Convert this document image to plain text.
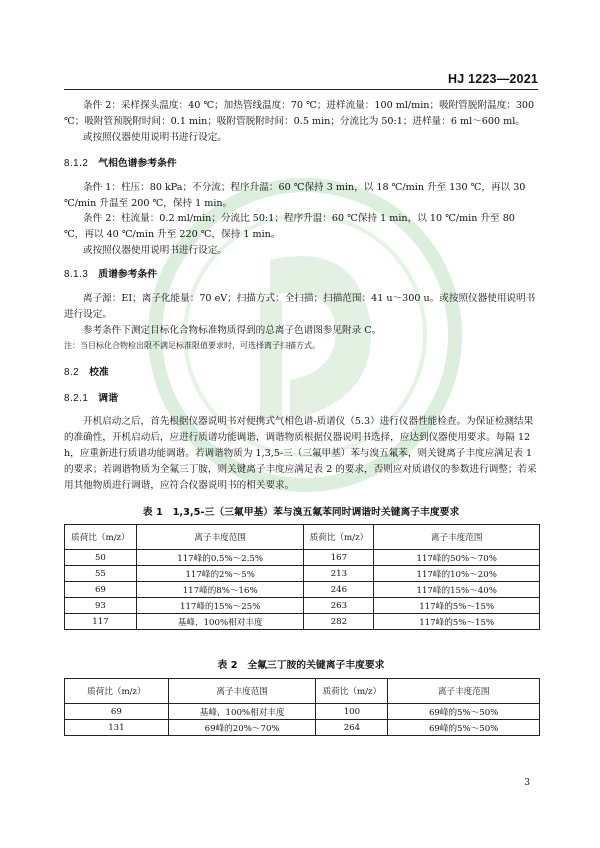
HJ 1223—2021
条件 2：采样探头温度：40 ℃；加热管线温度：70 ℃；进样流量：100 ml/min；吸附管脱附温度：300 ℃；吸附管预脱附时间：0.1 min；吸附管脱附时间：0.5 min；分流比为 50:1；进样量：6 ml～600 ml。
或按照仪器使用说明书进行设定。
8.1.2 气相色谱参考条件
条件 1：柱压：80 kPa；不分流；程序升温：60 ℃保持 3 min，以 18 ℃/min 升至 130 ℃，再以 30 ℃/min 升温至 200 ℃，保持 1 min。
条件 2：柱流量：0.2 ml/min；分流比 50:1；程序升温：60 ℃保持 1 min，以 10 ℃/min 升至 80 ℃，再以 40 ℃/min 升至 220 ℃，保持 1 min。
或按照仪器使用说明书进行设定。
8.1.3 质谱参考条件
离子源：EI；离子化能量：70 eV；扫描方式：全扫描；扫描范围：41 u～300 u。或按照仪器使用说明书进行设定。
参考条件下测定目标化合物标准物质得到的总离子色谱图参见附录 C。
注：当目标化合物检出限不满足标准限值要求时，可选择离子扫描方式。
8.2 校准
8.2.1 调谐
开机启动之后，首先根据仪器说明书对便携式气相色谱-质谱仪（5.3）进行仪器性能检查。为保证检测结果的准确性，开机启动后，应进行质谱功能调谐，调谐物质根据仪器说明书选择，应达到仪器使用要求。每隔 12 h，应重新进行质谱功能调谐。若调谐物质为 1,3,5-三（三氟甲基）苯与溴五氟苯，则关键离子丰度应满足表 1 的要求；若调谐物质为全氟三丁胺，则关键离子丰度应满足表 2 的要求，否则应对质谱仪的参数进行调整；若采用其他物质进行调谐，应符合仪器说明书的相关要求。
表 1　1,3,5-三（三氟甲基）苯与溴五氟苯同时调谐时关键离子丰度要求
质荷比（m/z）	离子丰度范围	质荷比（m/z）	离子丰度范围
50	117峰的0.5%～2.5%	167	117峰的50%～70%
55	117峰的2%～5%	213	117峰的10%～20%
69	117峰的8%～16%	246	117峰的15%～40%
93	117峰的15%～25%	263	117峰的5%～15%
117	基峰，100%相对丰度	282	117峰的5%～15%
表 2　全氟三丁胺的关键离子丰度要求
质荷比（m/z）	离子丰度范围	质荷比（m/z）	离子丰度范围
69	基峰，100%相对丰度	100	69峰的5%～50%
131	69峰的20%～70%	264	69峰的5%～50%
3
